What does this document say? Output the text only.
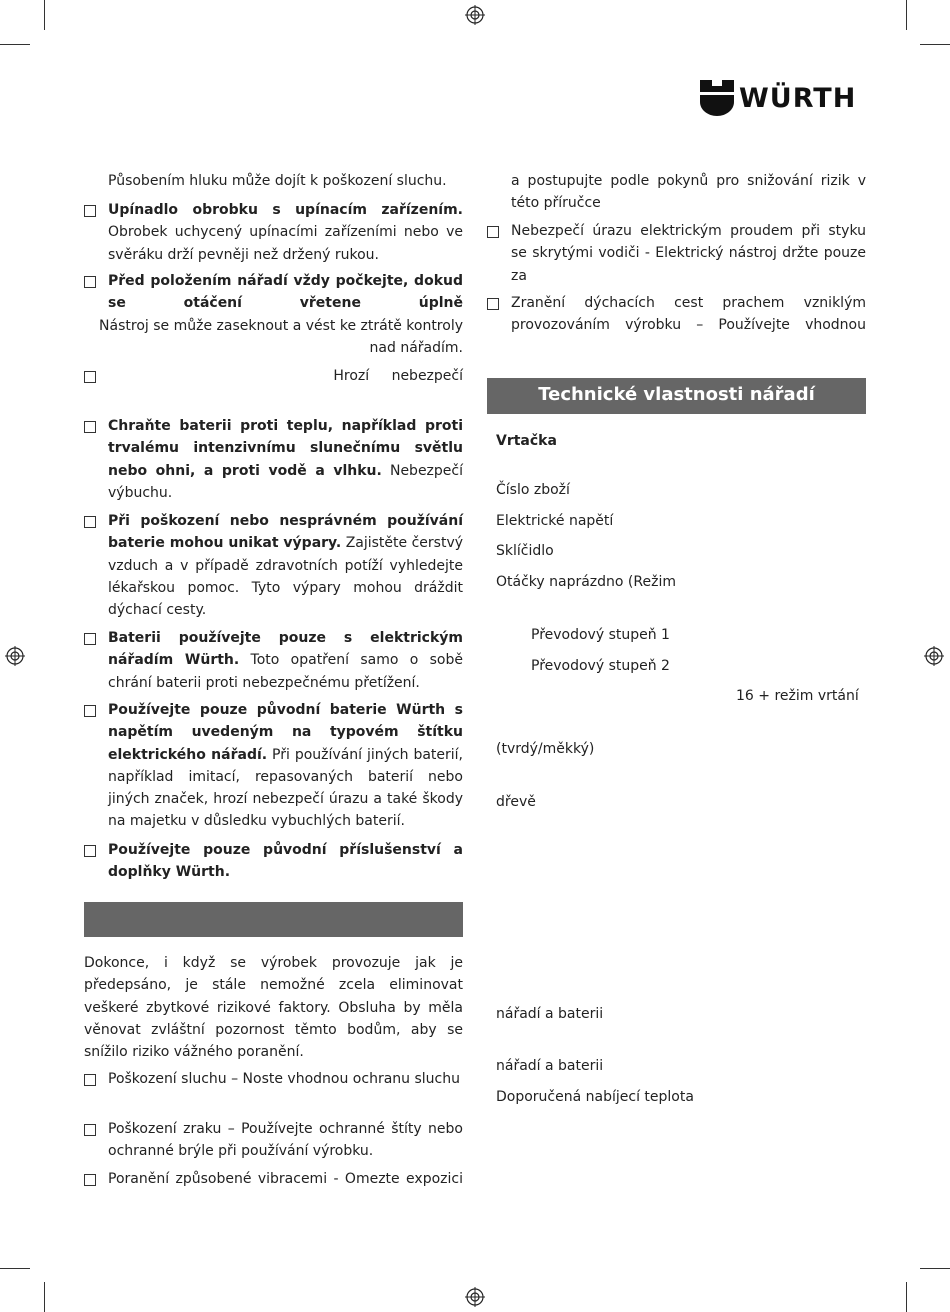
WÜRTH
Působením hluku může dojít k poškození sluchu.
Upínadlo obrobku s upínacím zařízením. Obrobek uchycený upínacími zařízeními nebo ve svěráku drží pevněji než držený rukou.
Před položením nářadí vždy počkejte, dokud se otáčení vřetene úplně
Nástroj se může zaseknout a vést ke ztrátě kontroly nad nářadím.
Hrozí nebezpečí
Chraňte baterii proti teplu, například proti trvalému intenzivnímu slunečnímu světlu nebo ohni, a proti vodě a vlhku. Nebezpečí výbuchu.
Při poškození nebo nesprávném používání baterie mohou unikat výpary. Zajistěte čerstvý vzduch a v případě zdravotních potíží vyhledejte lékařskou pomoc. Tyto výpary mohou dráždit dýchací cesty.
Baterii používejte pouze s elektrickým nářadím Würth. Toto opatření samo o sobě chrání baterii proti nebezpečnému přetížení.
Používejte pouze původní baterie Würth s napětím uvedeným na typovém štítku elektrického nářadí. Při používání jiných baterií, například imitací, repasovaných baterií nebo jiných značek, hrozí nebezpečí úrazu a také škody na majetku v důsledku vybuchlých baterií.
Používejte pouze původní příslušenství a doplňky Würth.
Dokonce, i když se výrobek provozuje jak je předepsáno, je stále nemožné zcela eliminovat veškeré zbytkové rizikové faktory. Obsluha by měla věnovat zvláštní pozornost těmto bodům, aby se snížilo riziko vážného poranění.
Poškození sluchu – Noste vhodnou ochranu sluchu
Poškození zraku – Používejte ochranné štíty nebo ochranné brýle při používání výrobku.
Poranění způsobené vibracemi - Omezte expozici
a postupujte podle pokynů pro snižování rizik v této příručce
Nebezpečí úrazu elektrickým proudem při styku se skrytými vodiči - Elektrický nástroj držte pouze za
Zranění dýchacích cest prachem vzniklým provozováním výrobku – Používejte vhodnou
Technické vlastnosti nářadí
Vrtačka
Číslo zboží
Elektrické napětí
Sklíčidlo
Otáčky naprázdno (Režim
Převodový stupeň 1
Převodový stupeň 2
16 + režim vrtání
(tvrdý/měkký)
dřevě
nářadí a baterii
nářadí a baterii
Doporučená nabíjecí teplota
